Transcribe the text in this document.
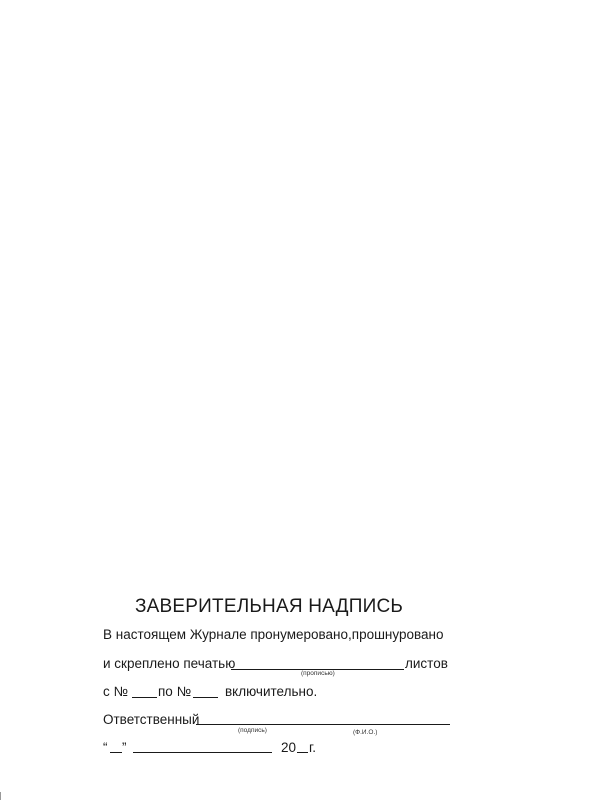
ЗАВЕРИТЕЛЬНАЯ НАДПИСЬ
В настоящем Журнале пронумеровано,прошнуровано
и скреплено печатью	листов
(прописью)
с № по №	включительно.
Ответственный
(подпись)	(Ф.И.О.)
“ ”	20 г.
